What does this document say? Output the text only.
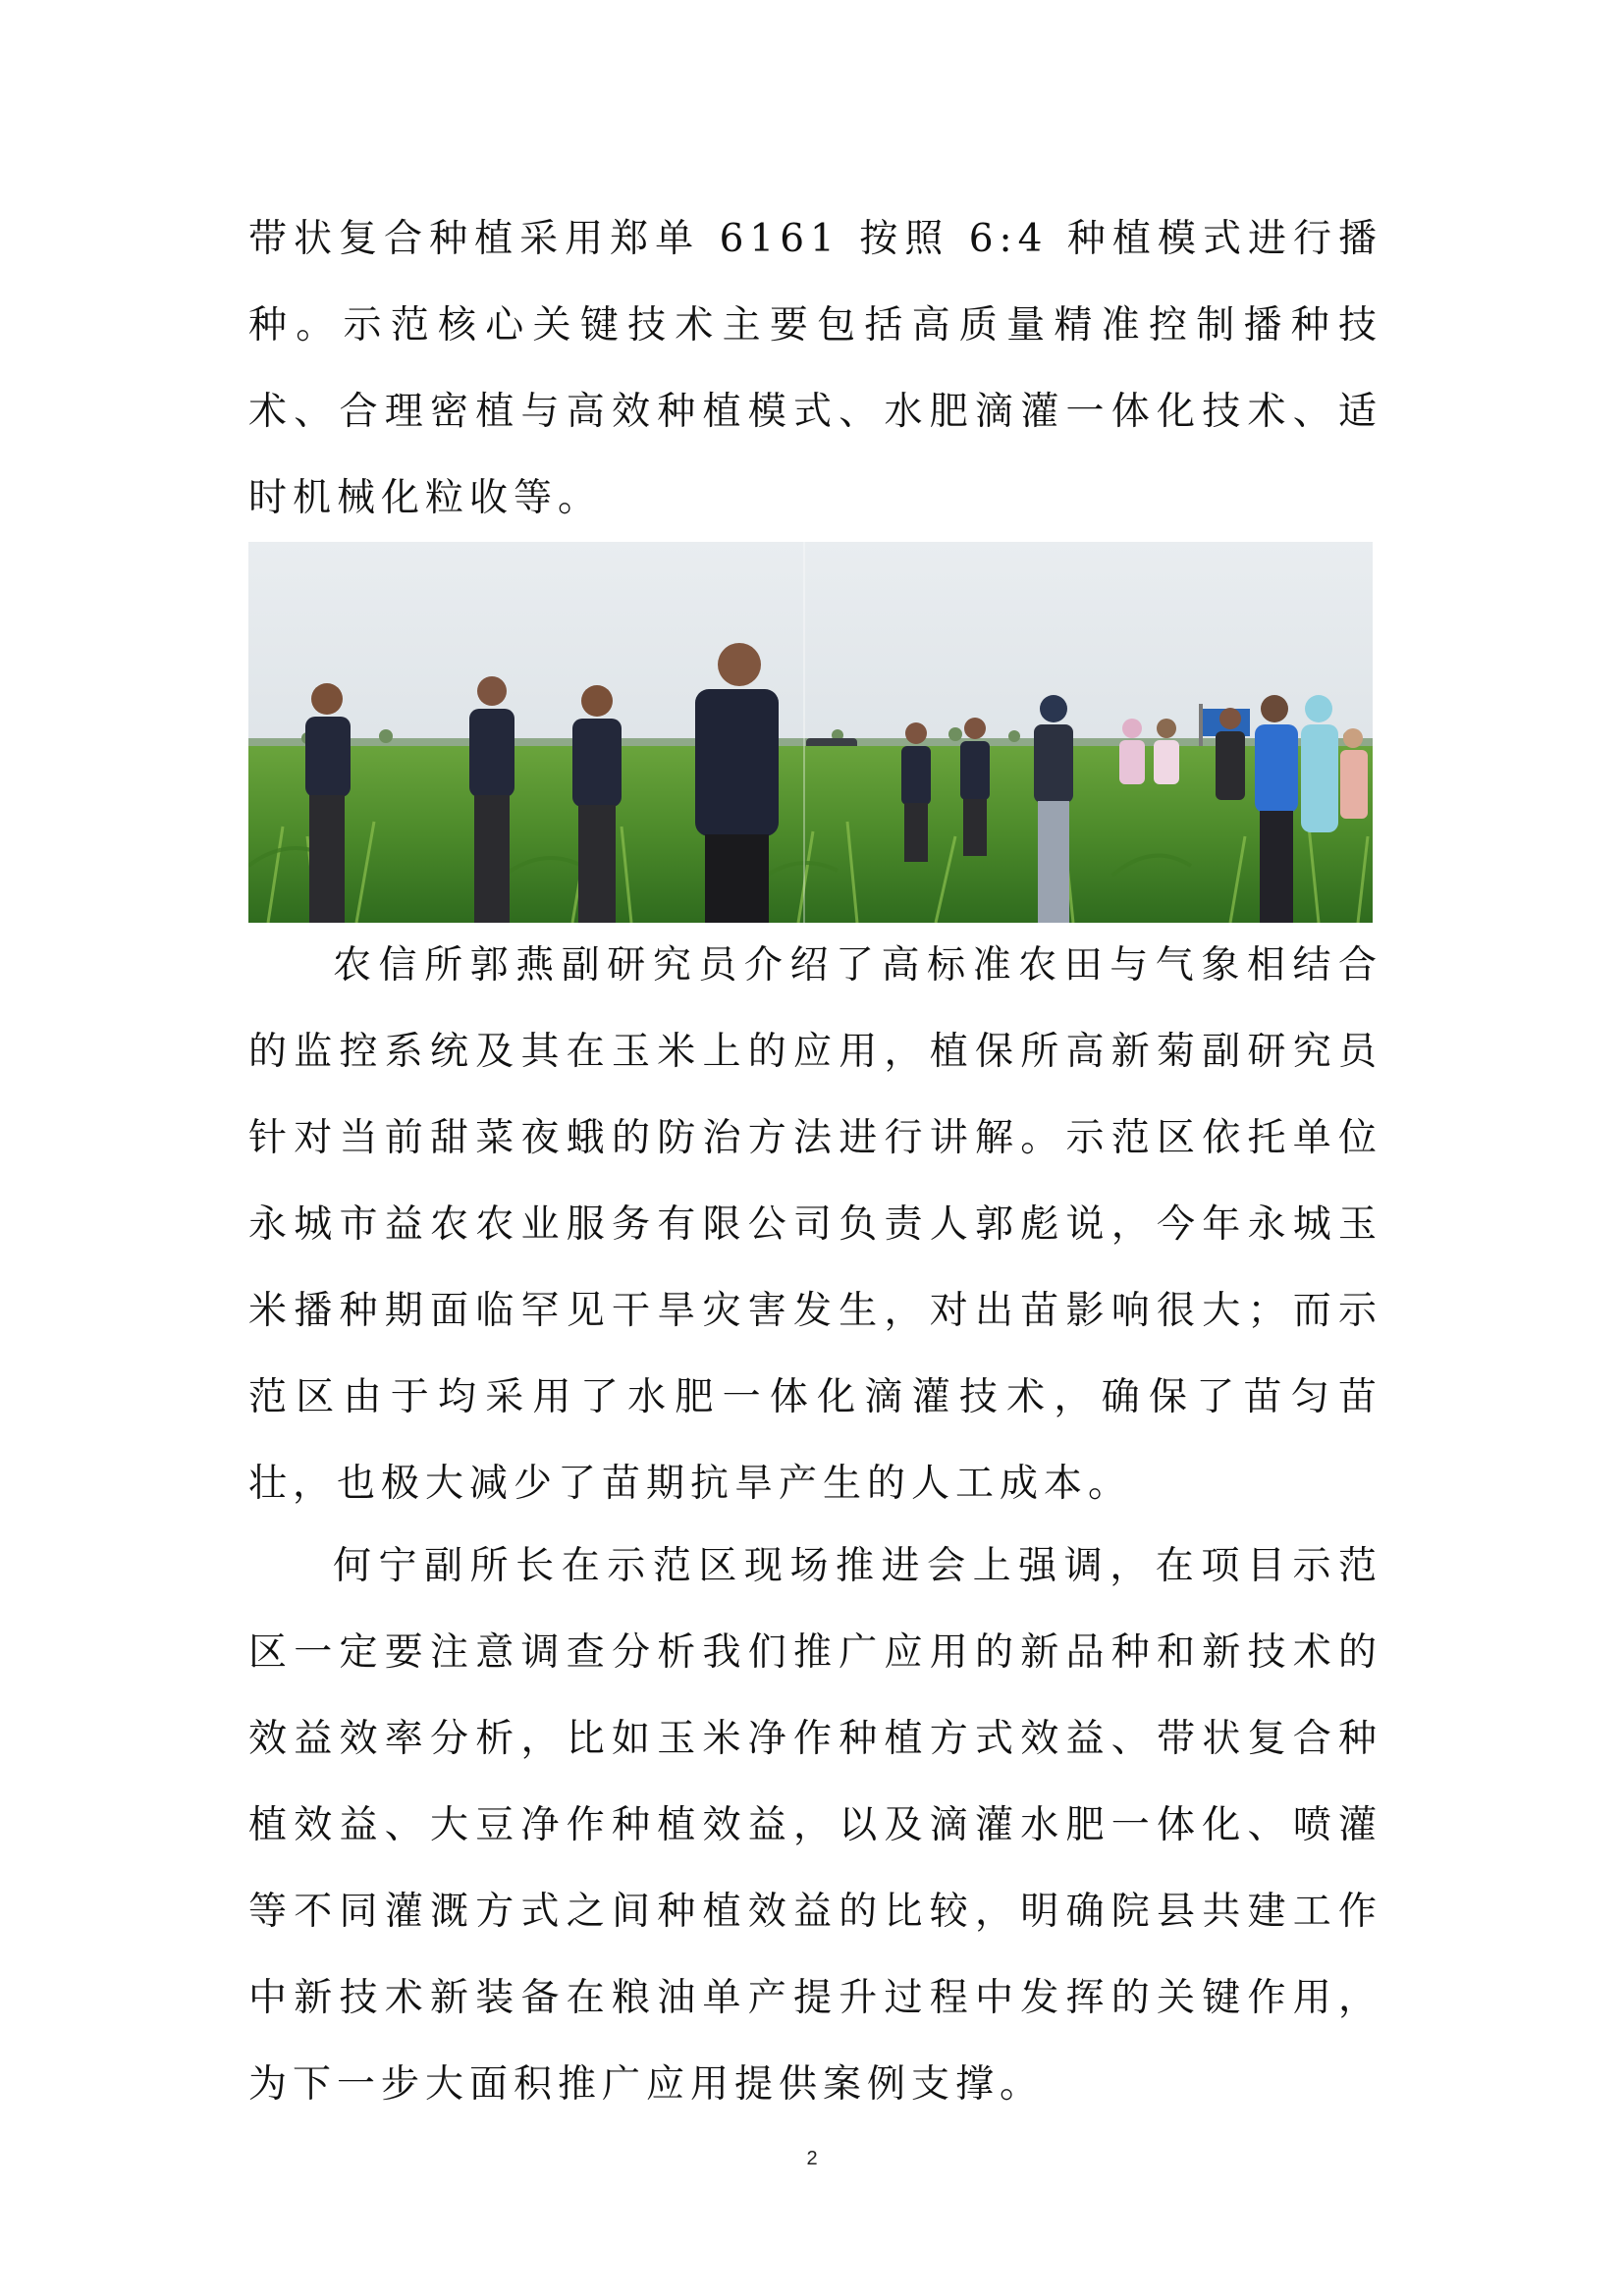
带状复合种植采用郑单 6161 按照 6:4 种植模式进行播种。示范核心关键技术主要包括高质量精准控制播种技术、合理密植与高效种植模式、水肥滴灌一体化技术、适时机械化粒收等。

农信所郭燕副研究员介绍了高标准农田与气象相结合的监控系统及其在玉米上的应用，植保所高新菊副研究员针对当前甜菜夜蛾的防治方法进行讲解。示范区依托单位永城市益农农业服务有限公司负责人郭彪说，今年永城玉米播种期面临罕见干旱灾害发生，对出苗影响很大；而示范区由于均采用了水肥一体化滴灌技术，确保了苗匀苗壮，也极大减少了苗期抗旱产生的人工成本。

何宁副所长在示范区现场推进会上强调，在项目示范区一定要注意调查分析我们推广应用的新品种和新技术的效益效率分析，比如玉米净作种植方式效益、带状复合种植效益、大豆净作种植效益，以及滴灌水肥一体化、喷灌等不同灌溉方式之间种植效益的比较，明确院县共建工作中新技术新装备在粮油单产提升过程中发挥的关键作用，为下一步大面积推广应用提供案例支撑。

2
